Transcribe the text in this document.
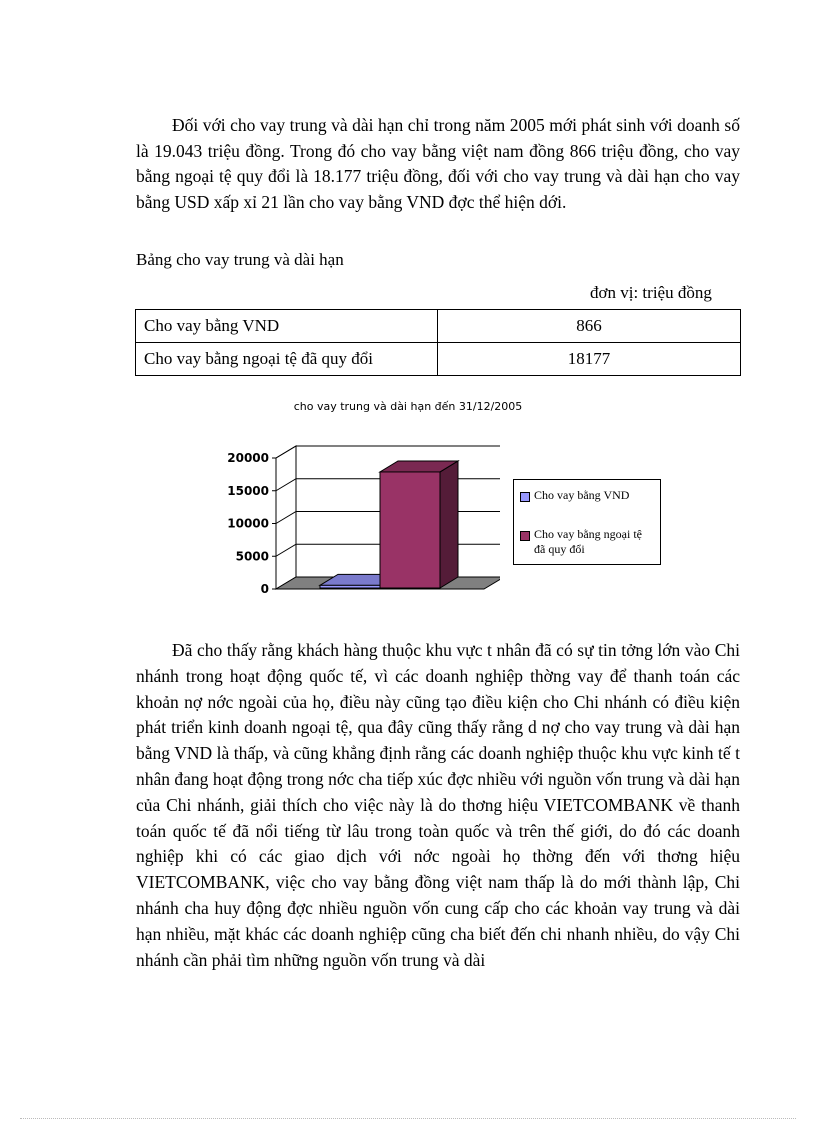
Đối với cho vay trung và dài hạn chỉ trong năm 2005 mới phát sinh với doanh số là 19.043 triệu đồng. Trong đó cho vay bằng việt nam đồng 866 triệu đồng, cho vay bằng ngoại tệ quy đổi là 18.177 triệu đồng, đối với cho vay trung và dài hạn cho vay bằng USD xấp xỉ 21 lần cho vay bằng VND đợc thể hiện dới.

Bảng cho vay trung và dài hạn

đơn vị: triệu đồng

Cho vay bằng VND	866
Cho vay bằng ngoại tệ đã quy đổi	18177

cho vay trung và dài hạn đến 31/12/2005

0
5000
10000
15000
20000
Cho vay bằng VND
Cho vay bằng ngoại tệ đã quy đổi

Đã cho thấy rằng khách hàng thuộc khu vực t nhân đã có sự tin tởng lớn vào Chi nhánh trong hoạt động quốc tế, vì các doanh nghiệp thờng vay để thanh toán các khoản nợ nớc ngoài của họ, điều này cũng tạo điều kiện cho Chi nhánh có điều kiện phát triển kinh doanh ngoại tệ, qua đây cũng thấy rằng d nợ cho vay trung và dài hạn bằng VND là thấp, và cũng khẳng định rằng các doanh nghiệp thuộc khu vực kinh tế t nhân đang hoạt động trong nớc cha tiếp xúc đợc nhiều với nguồn vốn trung và dài hạn của Chi nhánh, giải thích cho việc này là do thơng hiệu VIETCOMBANK về thanh toán quốc tế đã nổi tiếng từ lâu trong toàn quốc và trên thế giới, do đó các doanh nghiệp khi có các giao dịch với nớc ngoài họ thờng đến với thơng hiệu VIETCOMBANK, việc cho vay bằng đồng việt nam thấp là do mới thành lập, Chi nhánh cha huy động đợc nhiều nguồn vốn cung cấp cho các khoản vay trung và dài hạn nhiều, mặt khác các doanh nghiệp cũng cha biết đến chi nhanh nhiều, do vậy Chi nhánh cần phải tìm những nguồn vốn trung và dài
